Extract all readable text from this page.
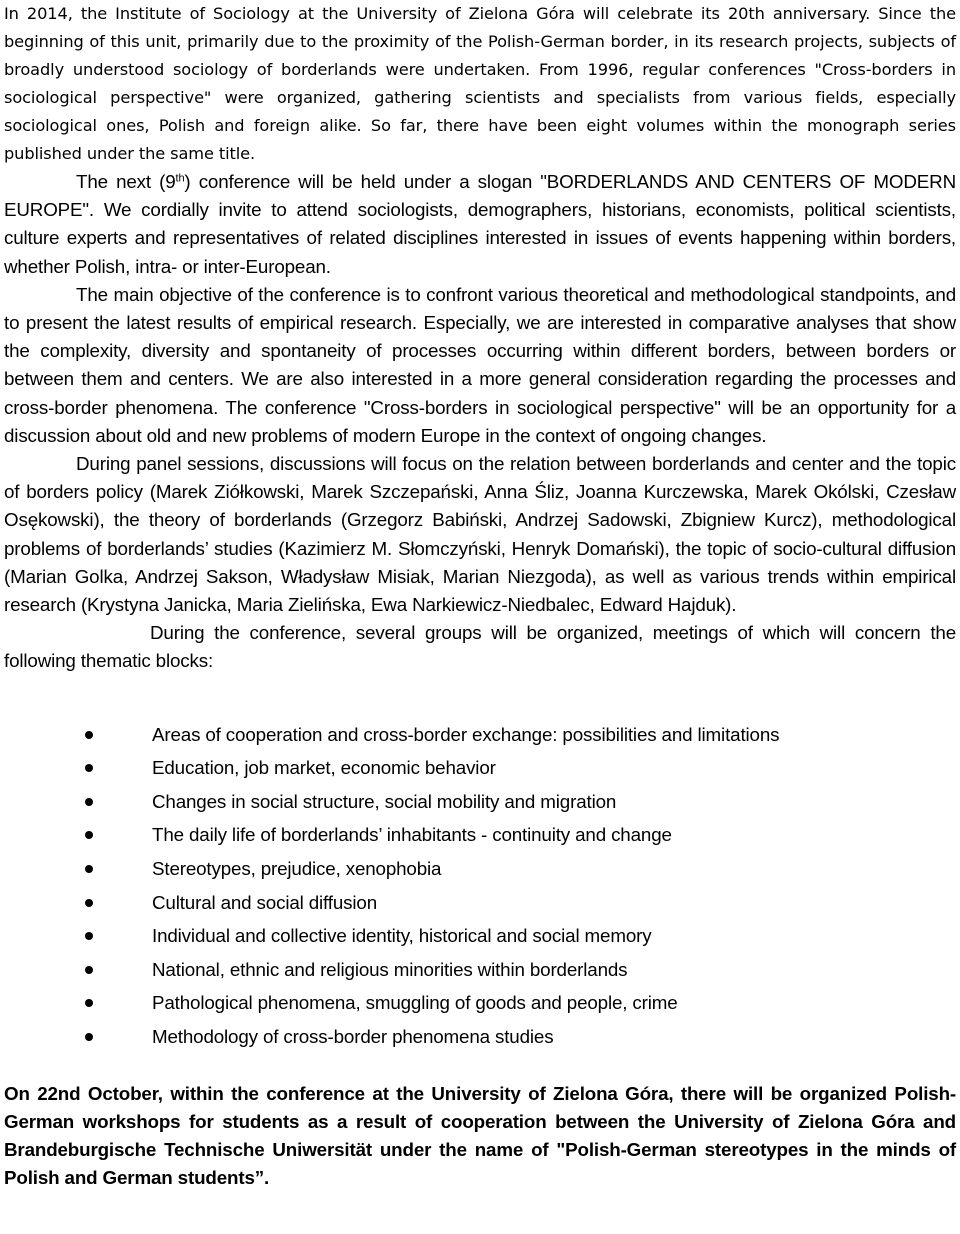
In 2014, the Institute of Sociology at the University of Zielona Góra will celebrate its 20th anniversary. Since the beginning of this unit, primarily due to the proximity of the Polish-German border, in its research projects, subjects of broadly understood sociology of borderlands were undertaken. From 1996, regular conferences "Cross-borders in sociological perspective" were organized, gathering scientists and specialists from various fields, especially sociological ones, Polish and foreign alike. So far, there have been eight volumes within the monograph series published under the same title.

The next (9th) conference will be held under a slogan "BORDERLANDS AND CENTERS OF MODERN EUROPE". We cordially invite to attend sociologists, demographers, historians, economists, political scientists, culture experts and representatives of related disciplines interested in issues of events happening within borders, whether Polish, intra- or inter-European.

The main objective of the conference is to confront various theoretical and methodological standpoints, and to present the latest results of empirical research. Especially, we are interested in comparative analyses that show the complexity, diversity and spontaneity of processes occurring within different borders, between borders or between them and centers. We are also interested in a more general consideration regarding the processes and cross-border phenomena. The conference "Cross-borders in sociological perspective" will be an opportunity for a discussion about old and new problems of modern Europe in the context of ongoing changes.

During panel sessions, discussions will focus on the relation between borderlands and center and the topic of borders policy (Marek Ziółkowski, Marek Szczepański, Anna Śliz, Joanna Kurczewska, Marek Okólski, Czesław Osękowski), the theory of borderlands (Grzegorz Babiński, Andrzej Sadowski, Zbigniew Kurcz), methodological problems of borderlands’ studies (Kazimierz M. Słomczyński, Henryk Domański), the topic of socio-cultural diffusion (Marian Golka, Andrzej Sakson, Władysław Misiak, Marian Niezgoda), as well as various trends within empirical research (Krystyna Janicka, Maria Zielińska, Ewa Narkiewicz-Niedbalec, Edward Hajduk).

During the conference, several groups will be organized, meetings of which will concern the following thematic blocks:

Areas of cooperation and cross-border exchange: possibilities and limitations
Education, job market, economic behavior
Changes in social structure, social mobility and migration
The daily life of borderlands’ inhabitants - continuity and change
Stereotypes, prejudice, xenophobia
Cultural and social diffusion
Individual and collective identity, historical and social memory
National, ethnic and religious minorities within borderlands
Pathological phenomena, smuggling of goods and people, crime
Methodology of cross-border phenomena studies

On 22nd October, within the conference at the University of Zielona Góra, there will be organized Polish-German workshops for students as a result of cooperation between the University of Zielona Góra and Brandeburgische Technische Uniwersität under the name of "Polish-German stereotypes in the minds of Polish and German students”.
